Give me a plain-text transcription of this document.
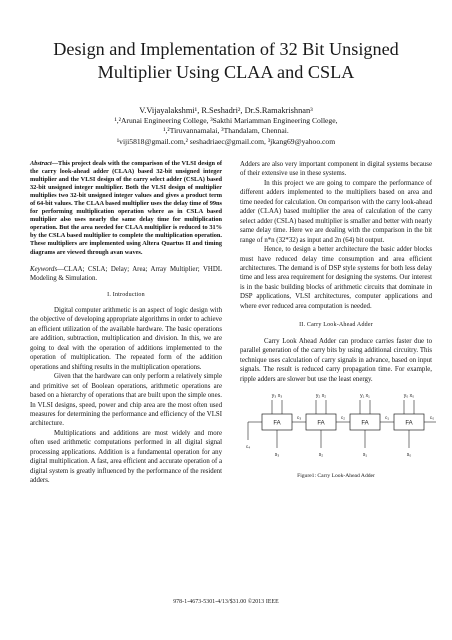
Design and Implementation of 32 Bit Unsigned
Multiplier Using CLAA and CSLA
V.Vijayalakshmi¹, R.Seshadri², Dr.S.Ramakrishnan³
¹,²Arunai Engineering College, ³Sakthi Mariamman Engineering College,
¹,²Tiruvannamalai, ³Thandalam, Chennai.
¹viji5818@gmail.com,² seshadriaec@gmail.com, ³jkang69@yahoo.com

Abstract—This project deals with the comparison of the VLSI design of the carry look-ahead adder (CLAA) based 32-bit unsigned integer multiplier and the VLSI design of the carry select adder (CSLA) based 32-bit unsigned integer multiplier. Both the VLSI design of multiplier multiplies two 32-bit unsigned integer values and gives a product term of 64-bit values. The CLAA based multiplier uses the delay time of 99ns for performing multiplication operation where as in CSLA based multiplier also uses nearly the same delay time for multiplication operation. But the area needed for CLAA multiplier is reduced to 31% by the CSLA based multiplier to complete the multiplication operation. These multipliers are implemented using Altera Quartus II and timing diagrams are viewed through avan waves.

Keywords—CLAA; CSLA; Delay; Area; Array Multiplier; VHDL Modeling & Simulation.

I. Introduction

Digital computer arithmetic is an aspect of logic design with the objective of developing appropriate algorithms in order to achieve an efficient utilization of the available hardware. The basic operations are addition, subtraction, multiplication and division. In this, we are going to deal with the operation of additions implemented to the operation of multiplication. The repeated form of the addition operations and shifting results in the multiplication operations.

Given that the hardware can only perform a relatively simple and primitive set of Boolean operations, arithmetic operations are based on a hierarchy of operations that are built upon the simple ones. In VLSI designs, speed, power and chip area are the most often used measures for determining the performance and efficiency of the VLSI architecture.

Multiplications and additions are most widely and more often used arithmetic computations performed in all digital signal processing applications. Addition is a fundamental operation for any digital multiplication. A fast, area efficient and accurate operation of a digital system is greatly influenced by the performance of the resident adders.

Adders are also very important component in digital systems because of their extensive use in these systems.

In this project we are going to compare the performance of different adders implemented to the multipliers based on area and time needed for calculation. On comparison with the carry look-ahead adder (CLAA) based multiplier the area of calculation of the carry select adder (CSLA) based multiplier is smaller and better with nearly same delay time. Here we are dealing with the comparison in the bit range of n*n (32*32) as input and 2n (64) bit output.

Hence, to design a better architecture the basic adder blocks must have reduced delay time consumption and area efficient architectures. The demand is of DSP style systems for both less delay time and less area requirement for designing the systems. Our interest is in the basic building blocks of arithmetic circuits that dominate in DSP applications, VLSI architectures, computer applications and where ever reduced area computation is needed.

II. Carry Look-Ahead Adder

Carry Look Ahead Adder can produce carries faster due to parallel generation of the carry bits by using additional circuitry. This technique uses calculation of carry signals in advance, based on input signals. The result is reduced carry propagation time. For example, ripple adders are slower but use the least energy.

y₃ x₃
FA
s₃
y₂ x₂
FA
s₂
y₁ x₁
FA
s₁
y₀ x₀
FA
s₀
c₃	c₂	c₁	c₀
c₄
Figure1: Carry Look-Ahead Adder
978-1-4673-5301-4/13/$31.00 ©2013 IEEE
